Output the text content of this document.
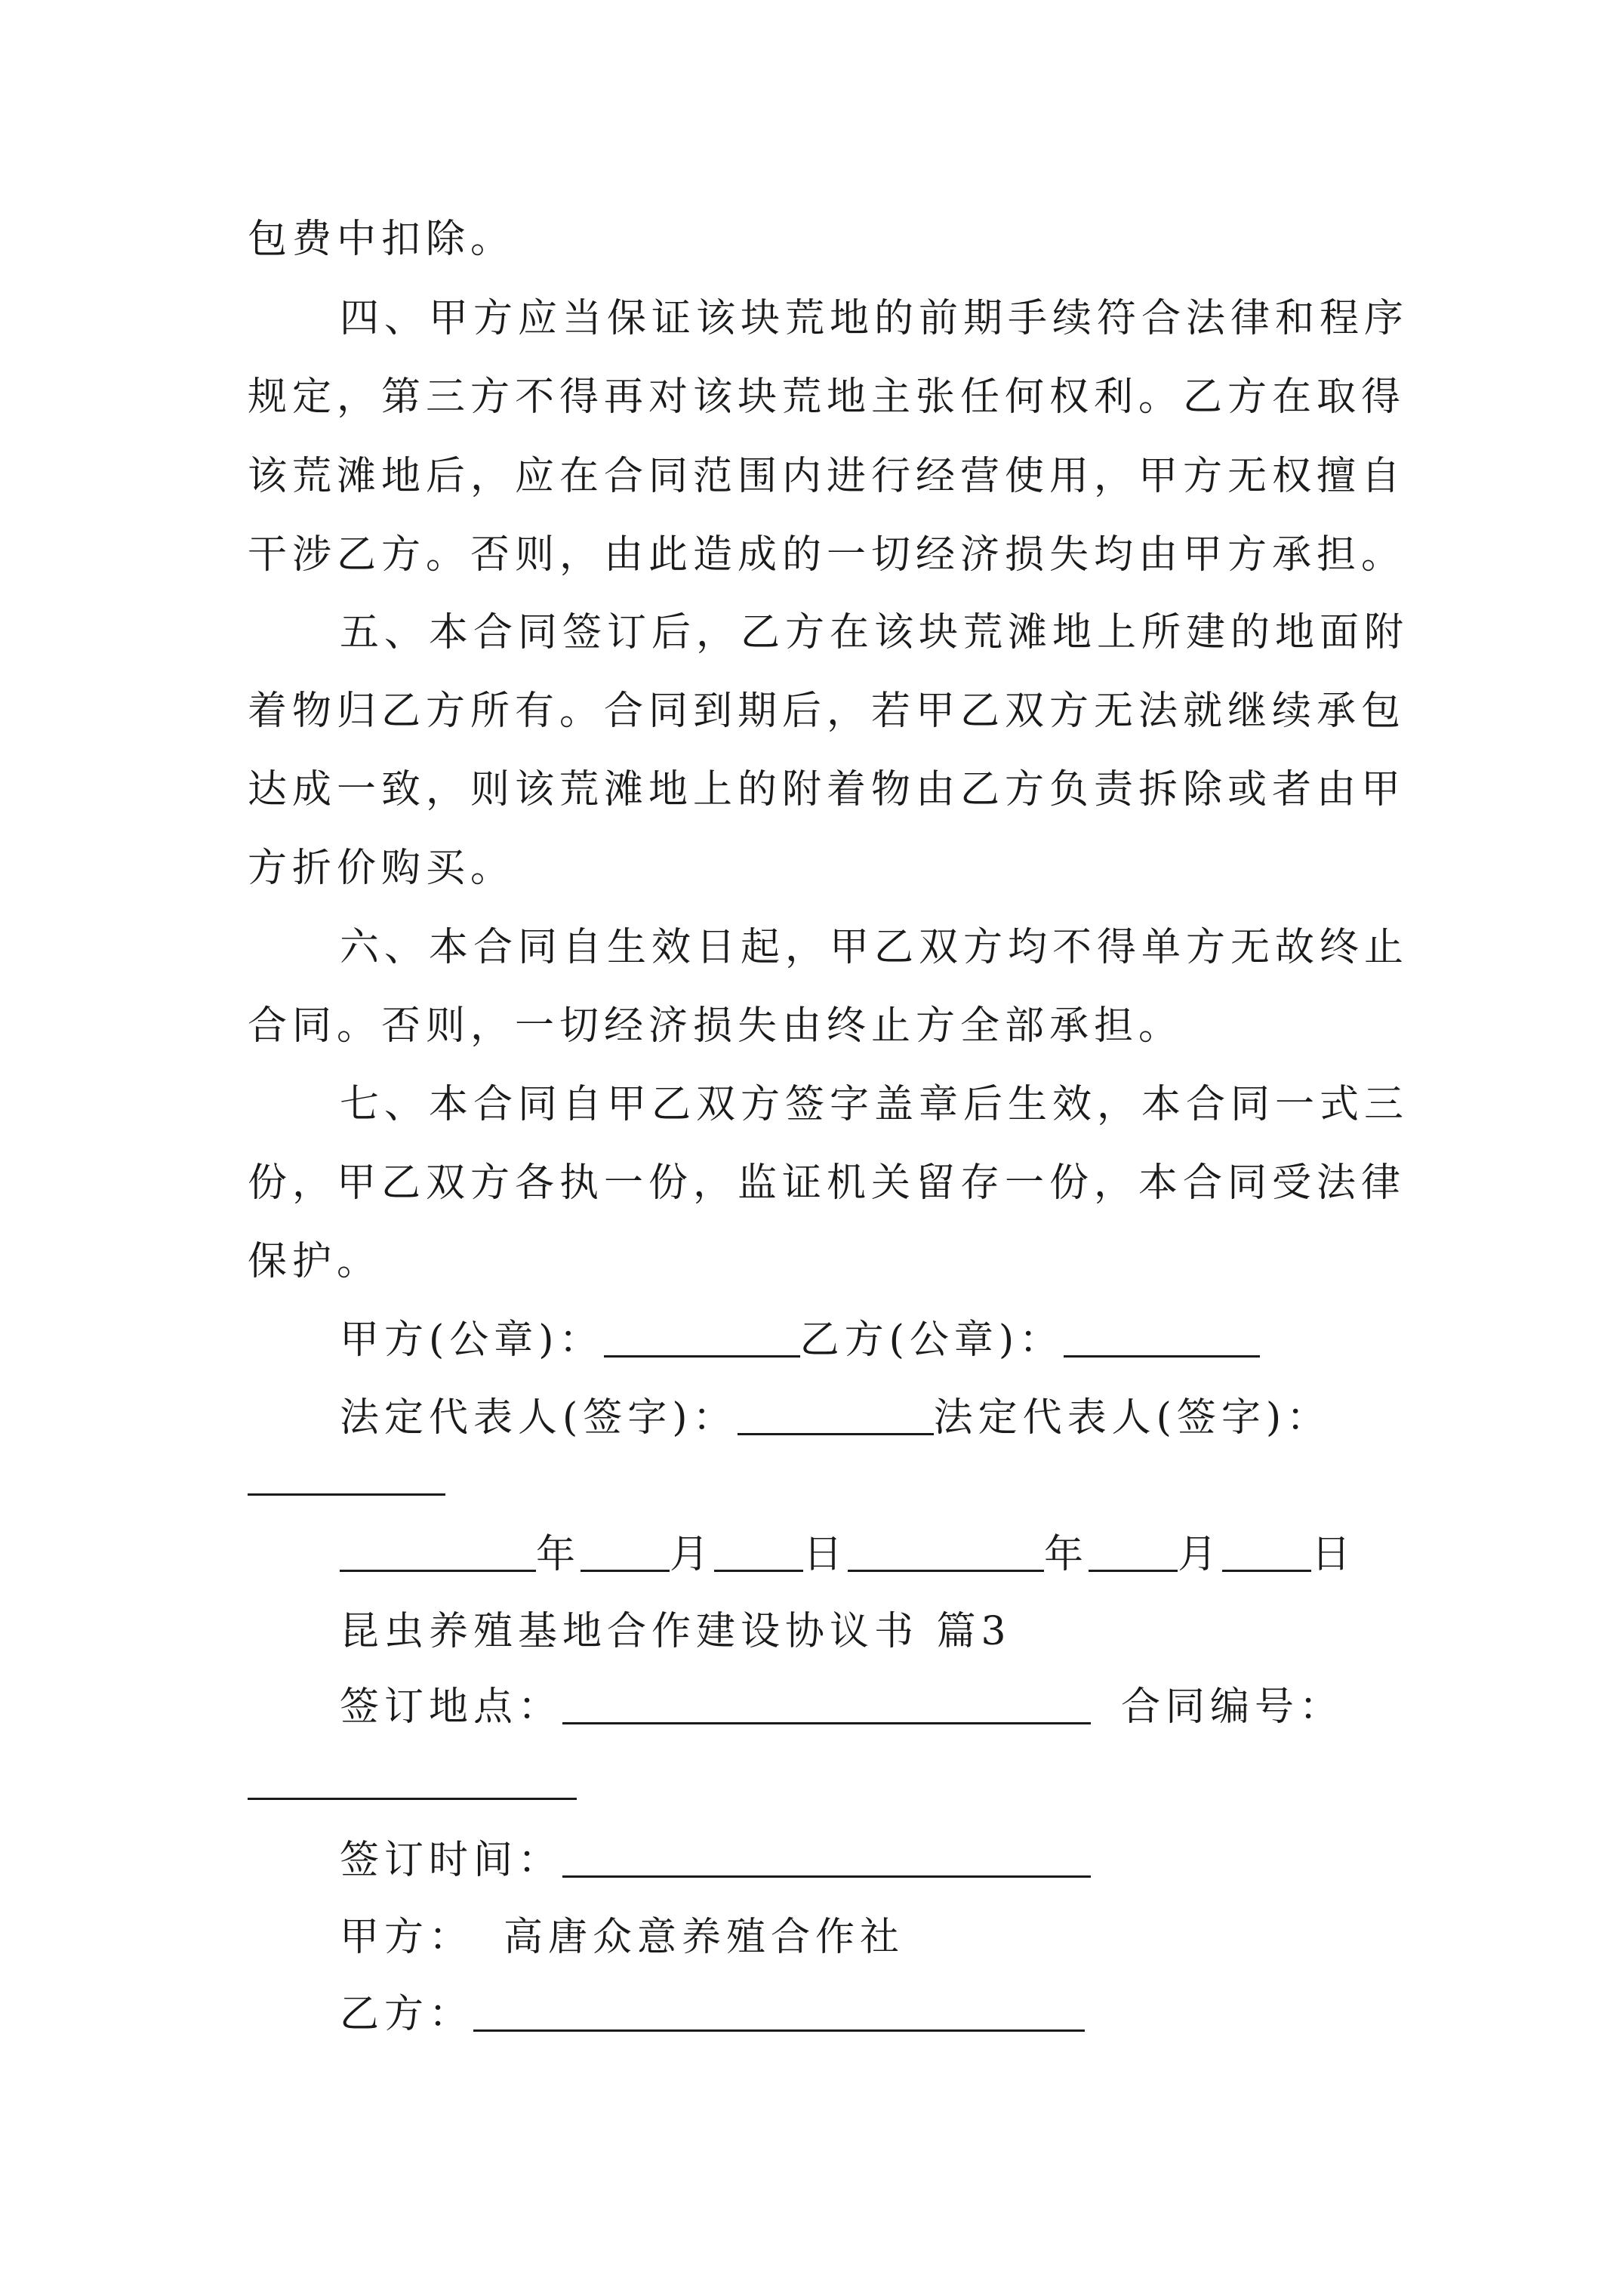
包费中扣除。

四、甲方应当保证该块荒地的前期手续符合法律和程序

规定，第三方不得再对该块荒地主张任何权利。乙方在取得

该荒滩地后，应在合同范围内进行经营使用，甲方无权擅自

干涉乙方。否则，由此造成的一切经济损失均由甲方承担。

五、本合同签订后，乙方在该块荒滩地上所建的地面附

着物归乙方所有。合同到期后，若甲乙双方无法就继续承包

达成一致，则该荒滩地上的附着物由乙方负责拆除或者由甲

方折价购买。

六、本合同自生效日起，甲乙双方均不得单方无故终止

合同。否则，一切经济损失由终止方全部承担。

七、本合同自甲乙双方签字盖章后生效，本合同一式三

份，甲乙双方各执一份，监证机关留存一份，本合同受法律

保护。

甲方(公章)：	乙方(公章)：

法定代表人(签字)：	法定代表人(签字)：

年 月 日	年 月 日

昆虫养殖基地合作建设协议书 篇3

签订地点：	合同编号：

签订时间：

甲方： 高唐众意养殖合作社

乙方：
